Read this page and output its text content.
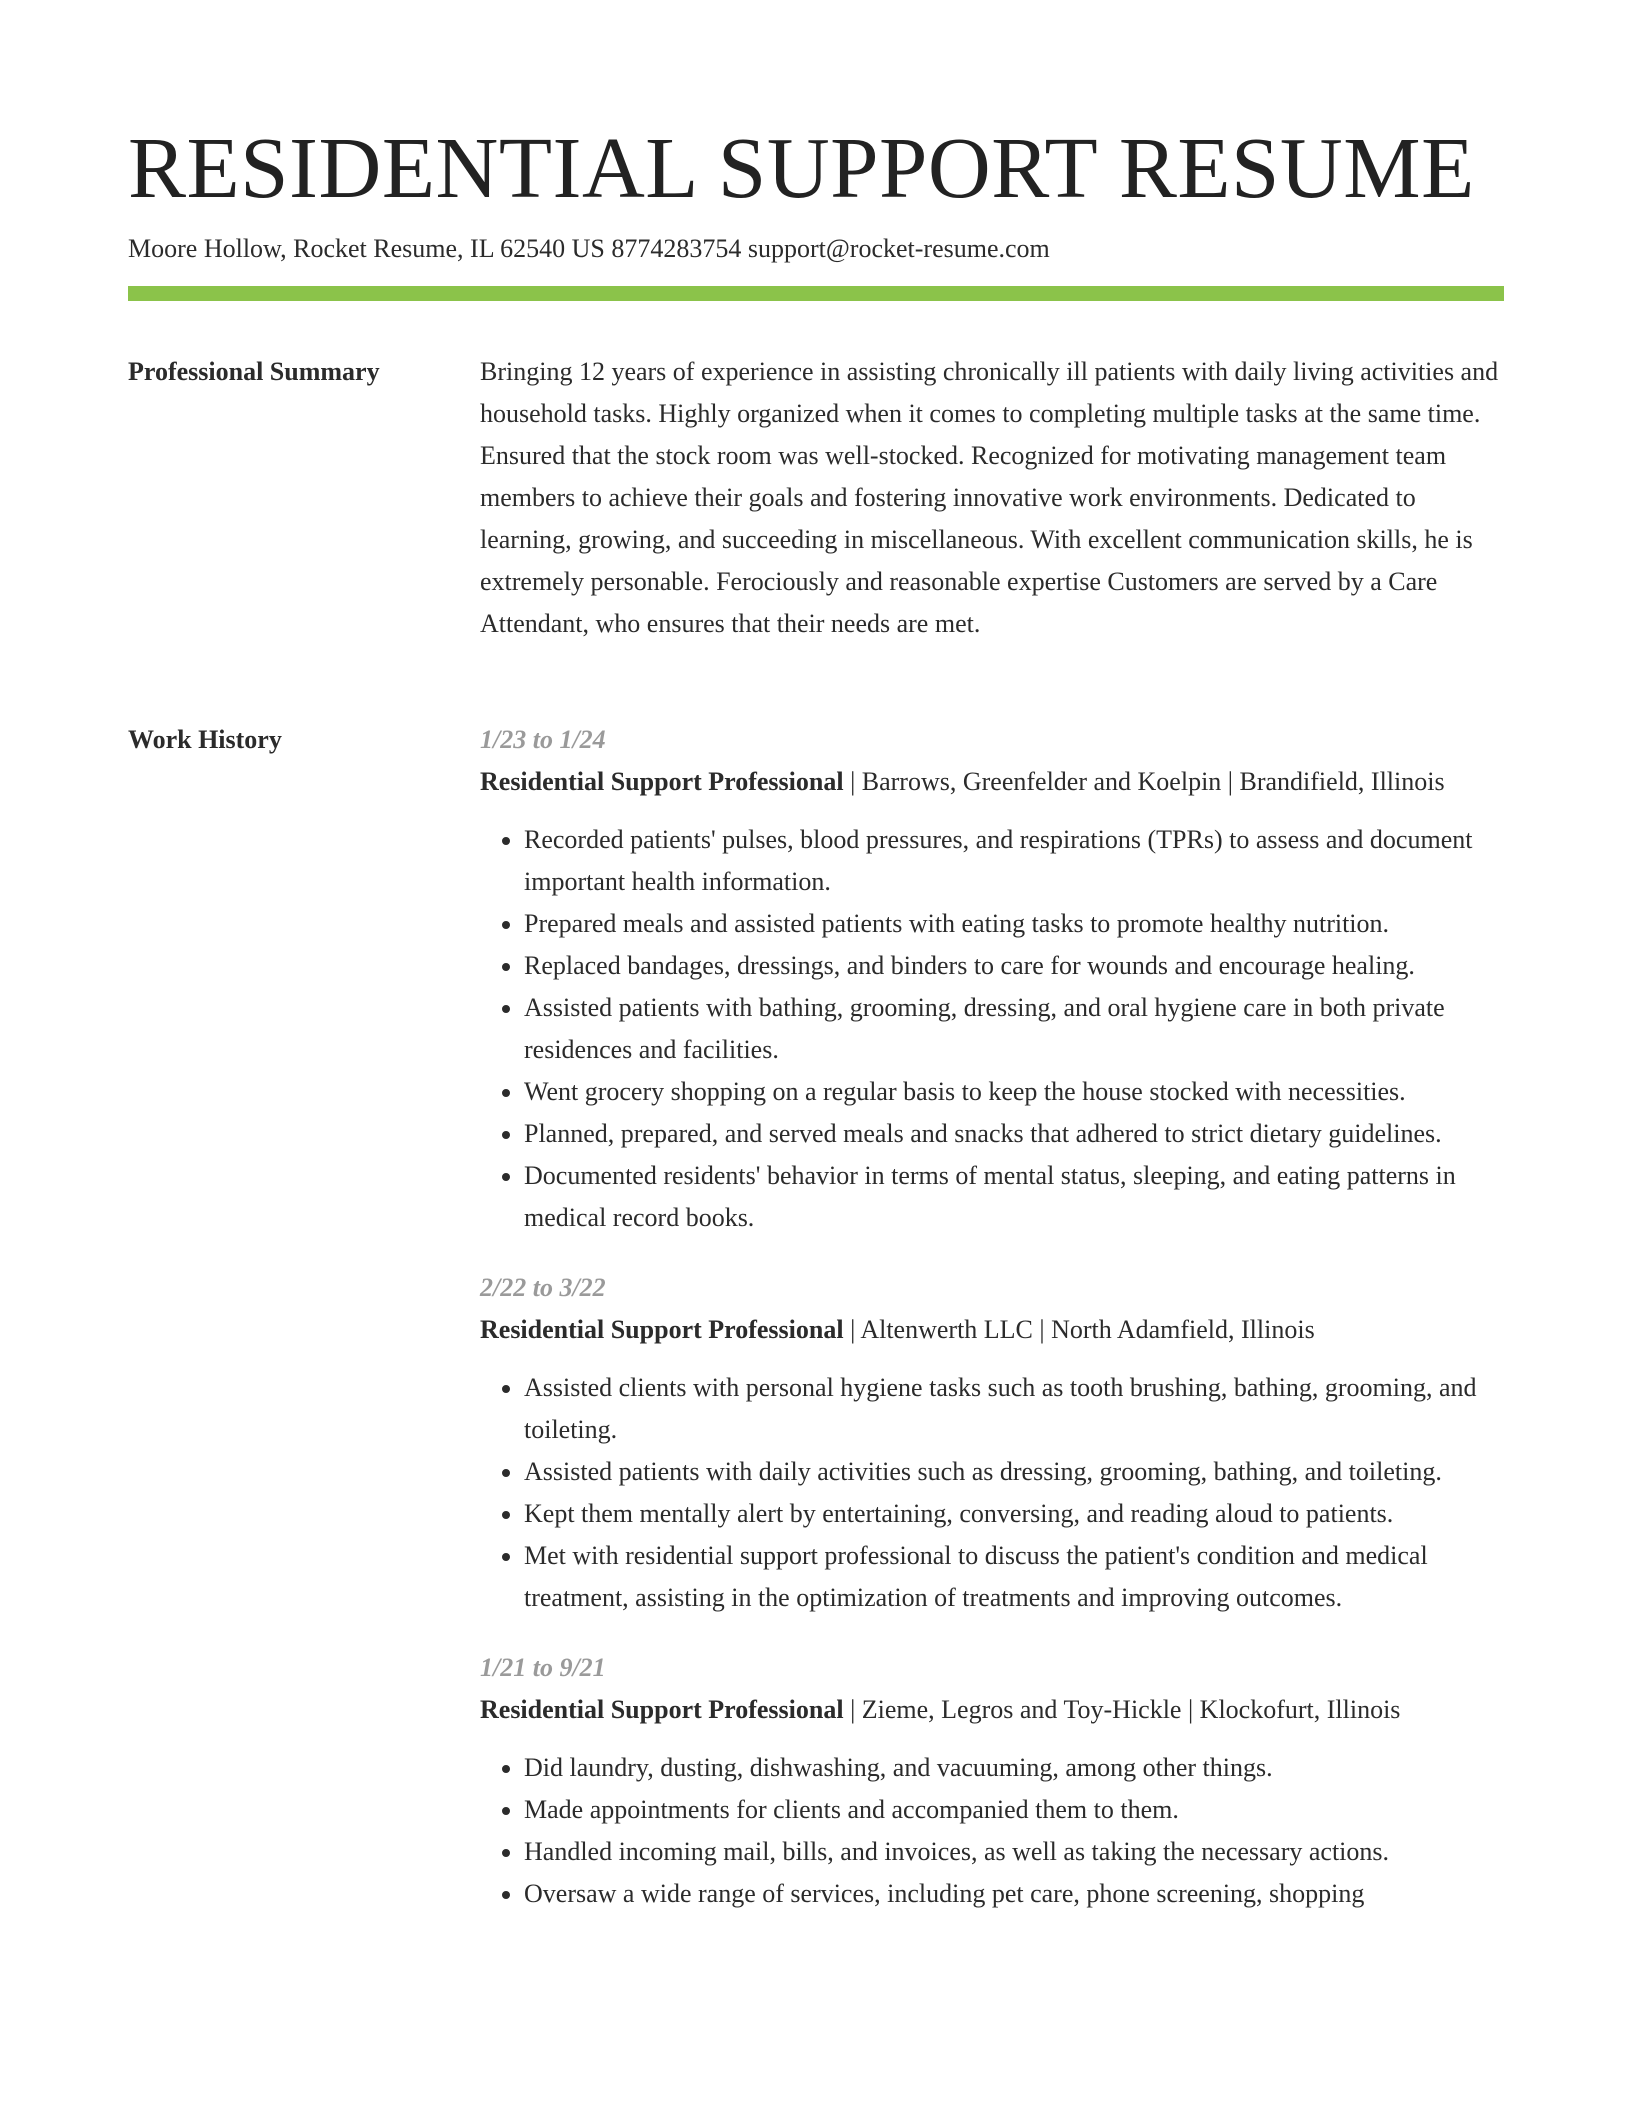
RESIDENTIAL SUPPORT RESUME
Moore Hollow, Rocket Resume, IL 62540 US 8774283754 support@rocket-resume.com
Professional Summary	Bringing 12 years of experience in assisting chronically ill patients with daily living activities and household tasks. Highly organized when it comes to completing multiple tasks at the same time. Ensured that the stock room was well-stocked. Recognized for motivating management team members to achieve their goals and fostering innovative work environments. Dedicated to learning, growing, and succeeding in miscellaneous. With excellent communication skills, he is extremely personable. Ferociously and reasonable expertise Customers are served by a Care Attendant, who ensures that their needs are met.

Work History	1/23 to 1/24
Residential Support Professional | Barrows, Greenfelder and Koelpin | Brandifield, Illinois
• Recorded patients' pulses, blood pressures, and respirations (TPRs) to assess and document important health information.
• Prepared meals and assisted patients with eating tasks to promote healthy nutrition.
• Replaced bandages, dressings, and binders to care for wounds and encourage healing.
• Assisted patients with bathing, grooming, dressing, and oral hygiene care in both private residences and facilities.
• Went grocery shopping on a regular basis to keep the house stocked with necessities.
• Planned, prepared, and served meals and snacks that adhered to strict dietary guidelines.
• Documented residents' behavior in terms of mental status, sleeping, and eating patterns in medical record books.
2/22 to 3/22
Residential Support Professional | Altenwerth LLC | North Adamfield, Illinois
• Assisted clients with personal hygiene tasks such as tooth brushing, bathing, grooming, and toileting.
• Assisted patients with daily activities such as dressing, grooming, bathing, and toileting.
• Kept them mentally alert by entertaining, conversing, and reading aloud to patients.
• Met with residential support professional to discuss the patient's condition and medical treatment, assisting in the optimization of treatments and improving outcomes.
1/21 to 9/21
Residential Support Professional | Zieme, Legros and Toy-Hickle | Klockofurt, Illinois
• Did laundry, dusting, dishwashing, and vacuuming, among other things.
• Made appointments for clients and accompanied them to them.
• Handled incoming mail, bills, and invoices, as well as taking the necessary actions.
• Oversaw a wide range of services, including pet care, phone screening, shopping
